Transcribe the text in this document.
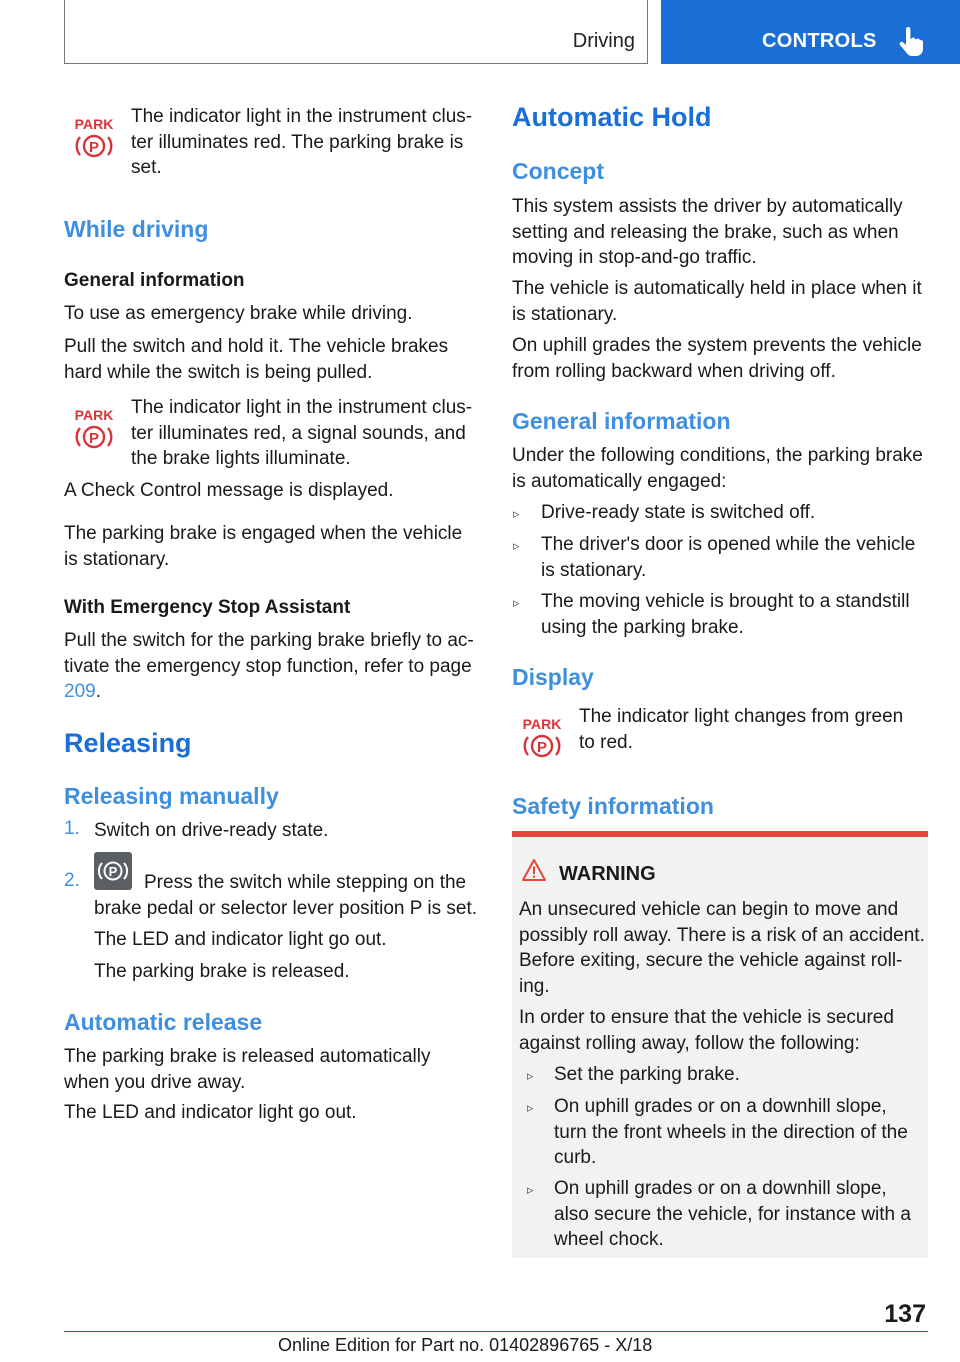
Driving	CONTROLS
PARK
P
The indicator light in the instrument clus-ter illuminates red. The parking brake is set.
While driving
General information
To use as emergency brake while driving.
Pull the switch and hold it. The vehicle brakes hard while the switch is being pulled.
PARK
P
The indicator light in the instrument clus-ter illuminates red, a signal sounds, and the brake lights illuminate.
A Check Control message is displayed.
The parking brake is engaged when the vehicle is stationary.
With Emergency Stop Assistant
Pull the switch for the parking brake briefly to ac-tivate the emergency stop function, refer to page 209.
Releasing
Releasing manually
1. Switch on drive-ready state.
2. P
Press the switch while stepping on the brake pedal or selector lever position P is set.
The LED and indicator light go out.
The parking brake is released.
Automatic release
The parking brake is released automatically when you drive away.
The LED and indicator light go out.
Automatic Hold
Concept
This system assists the driver by automatically setting and releasing the brake, such as when moving in stop-and-go traffic.
The vehicle is automatically held in place when it is stationary.
On uphill grades the system prevents the vehicle from rolling backward when driving off.
General information
Under the following conditions, the parking brake is automatically engaged:
▹ Drive-ready state is switched off.
▹ The driver's door is opened while the vehicle is stationary.
▹ The moving vehicle is brought to a standstill using the parking brake.
Display
PARK
P
The indicator light changes from green to red.
Safety information
WARNING
An unsecured vehicle can begin to move and possibly roll away. There is a risk of an accident. Before exiting, secure the vehicle against roll-ing.
In order to ensure that the vehicle is secured against rolling away, follow the following:
▹ Set the parking brake.
▹ On uphill grades or on a downhill slope, turn the front wheels in the direction of the curb.
▹ On uphill grades or on a downhill slope, also secure the vehicle, for instance with a wheel chock.
137
Online Edition for Part no. 01402896765 - X/18
